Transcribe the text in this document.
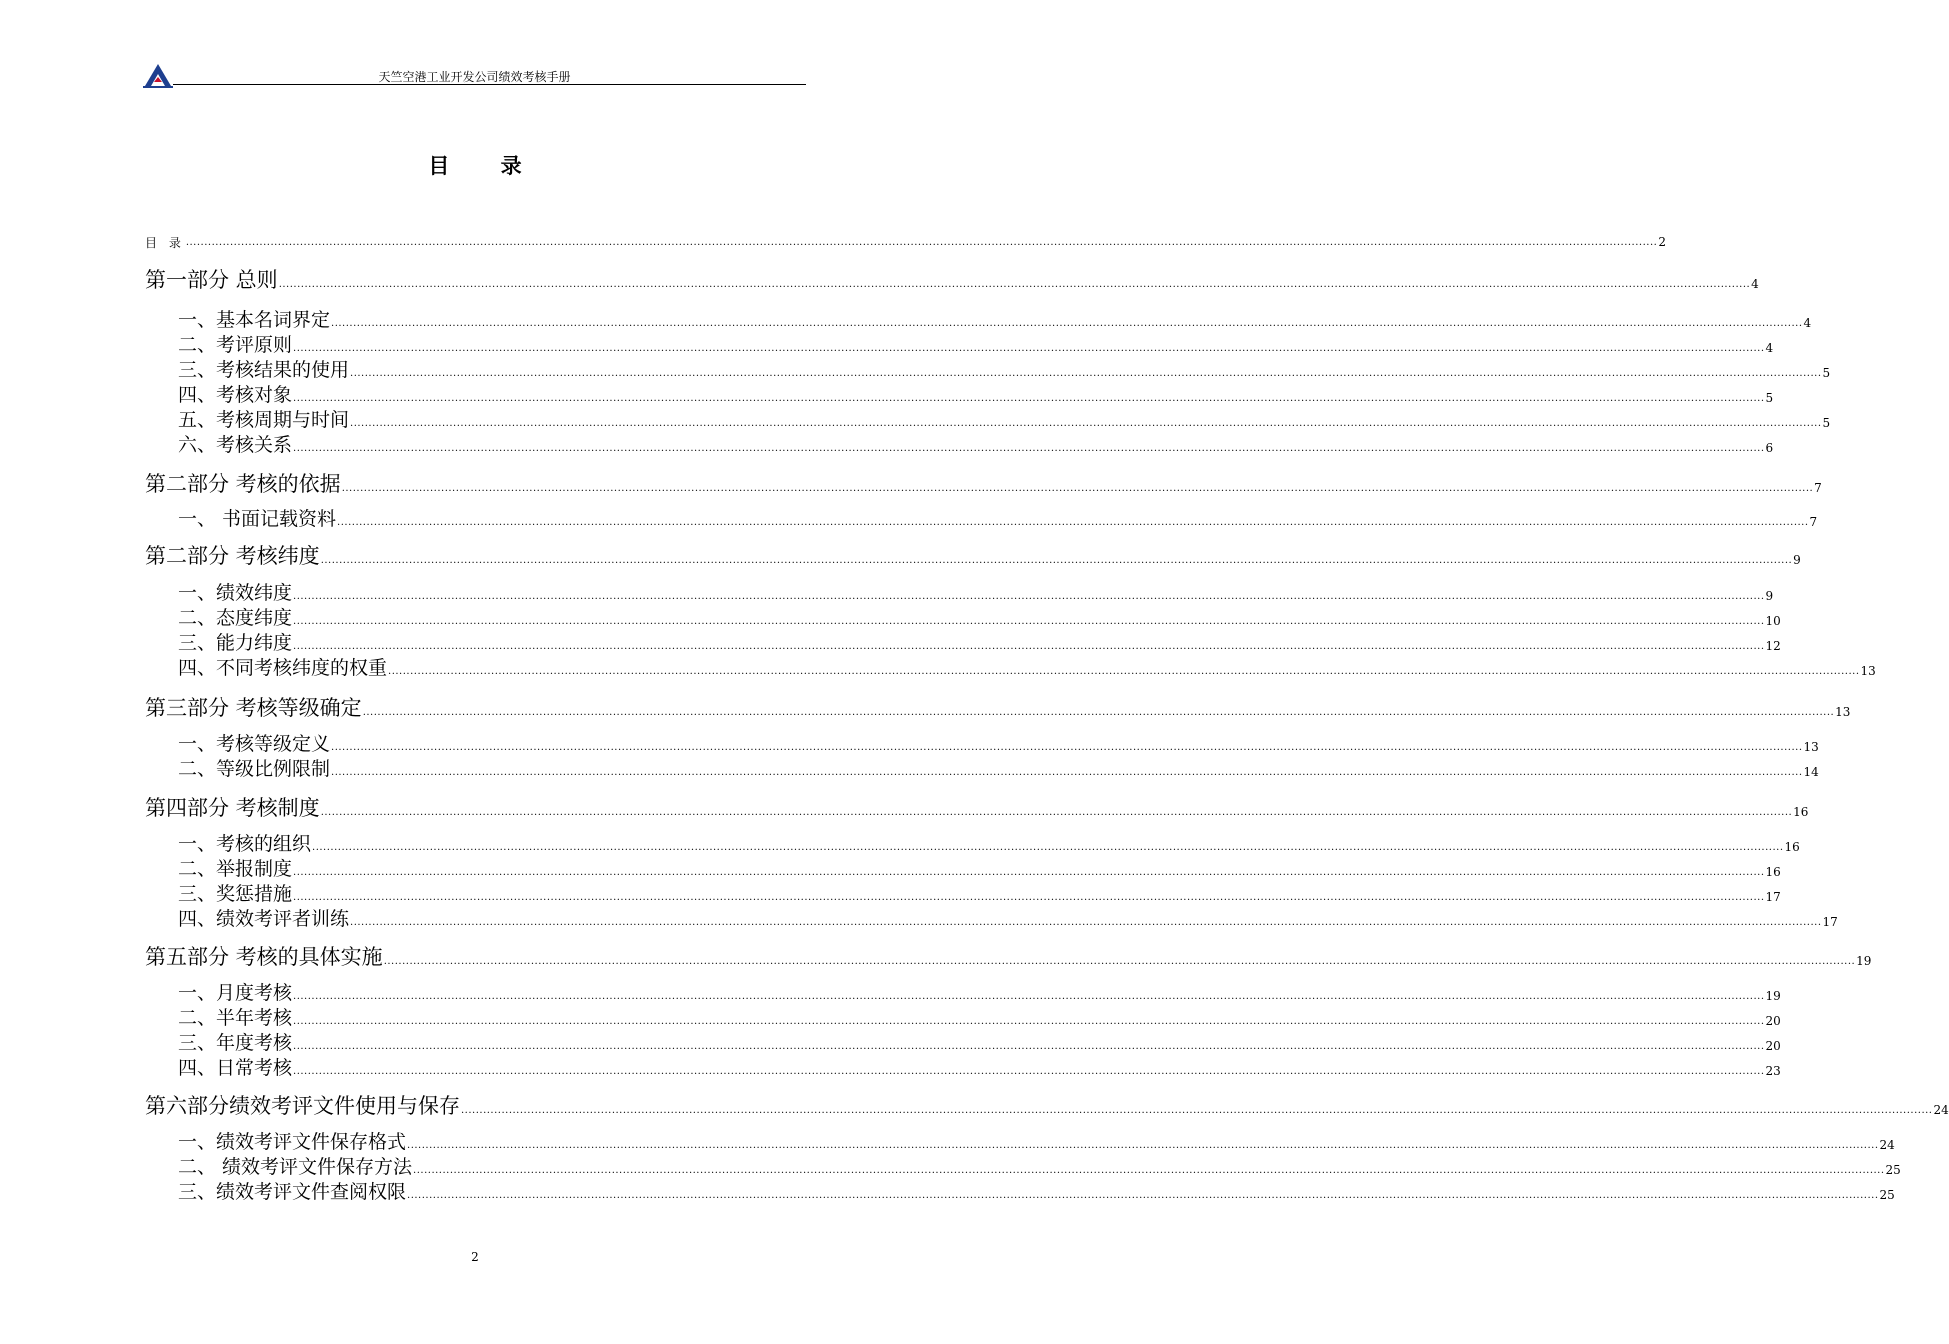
天竺空港工业开发公司绩效考核手册
目 录
目 录 ................................................................................................................................................................................................................................................................................................................................................................................................................ 2
第一部分 总则 ................................................................................................................................................................................................................................................................................................................................................................................................................ 4
一、基本名词界定 ................................................................................................................................................................................................................................................................................................................................................................................................................ 4
二、考评原则 ................................................................................................................................................................................................................................................................................................................................................................................................................ 4
三、考核结果的使用 ................................................................................................................................................................................................................................................................................................................................................................................................................ 5
四、考核对象 ................................................................................................................................................................................................................................................................................................................................................................................................................ 5
五、考核周期与时间 ................................................................................................................................................................................................................................................................................................................................................................................................................ 5
六、考核关系 ................................................................................................................................................................................................................................................................................................................................................................................................................ 6
第二部分 考核的依据 ................................................................................................................................................................................................................................................................................................................................................................................................................ 7
一、 书面记载资料 ................................................................................................................................................................................................................................................................................................................................................................................................................ 7
第二部分 考核纬度 ................................................................................................................................................................................................................................................................................................................................................................................................................ 9
一、绩效纬度 ................................................................................................................................................................................................................................................................................................................................................................................................................ 9
二、态度纬度 ................................................................................................................................................................................................................................................................................................................................................................................................................ 10
三、能力纬度 ................................................................................................................................................................................................................................................................................................................................................................................................................ 12
四、不同考核纬度的权重 ................................................................................................................................................................................................................................................................................................................................................................................................................ 13
第三部分 考核等级确定 ................................................................................................................................................................................................................................................................................................................................................................................................................ 13
一、考核等级定义 ................................................................................................................................................................................................................................................................................................................................................................................................................ 13
二、等级比例限制 ................................................................................................................................................................................................................................................................................................................................................................................................................ 14
第四部分 考核制度 ................................................................................................................................................................................................................................................................................................................................................................................................................ 16
一、考核的组织 ................................................................................................................................................................................................................................................................................................................................................................................................................ 16
二、举报制度 ................................................................................................................................................................................................................................................................................................................................................................................................................ 16
三、奖惩措施 ................................................................................................................................................................................................................................................................................................................................................................................................................ 17
四、绩效考评者训练 ................................................................................................................................................................................................................................................................................................................................................................................................................ 17
第五部分 考核的具体实施 ................................................................................................................................................................................................................................................................................................................................................................................................................ 19
一、月度考核 ................................................................................................................................................................................................................................................................................................................................................................................................................ 19
二、半年考核 ................................................................................................................................................................................................................................................................................................................................................................................................................ 20
三、年度考核 ................................................................................................................................................................................................................................................................................................................................................................................................................ 20
四、日常考核 ................................................................................................................................................................................................................................................................................................................................................................................................................ 23
第六部分绩效考评文件使用与保存 ................................................................................................................................................................................................................................................................................................................................................................................................................ 24
一、绩效考评文件保存格式 ................................................................................................................................................................................................................................................................................................................................................................................................................ 24
二、 绩效考评文件保存方法 ................................................................................................................................................................................................................................................................................................................................................................................................................ 25
三、绩效考评文件查阅权限 ................................................................................................................................................................................................................................................................................................................................................................................................................ 25
2
